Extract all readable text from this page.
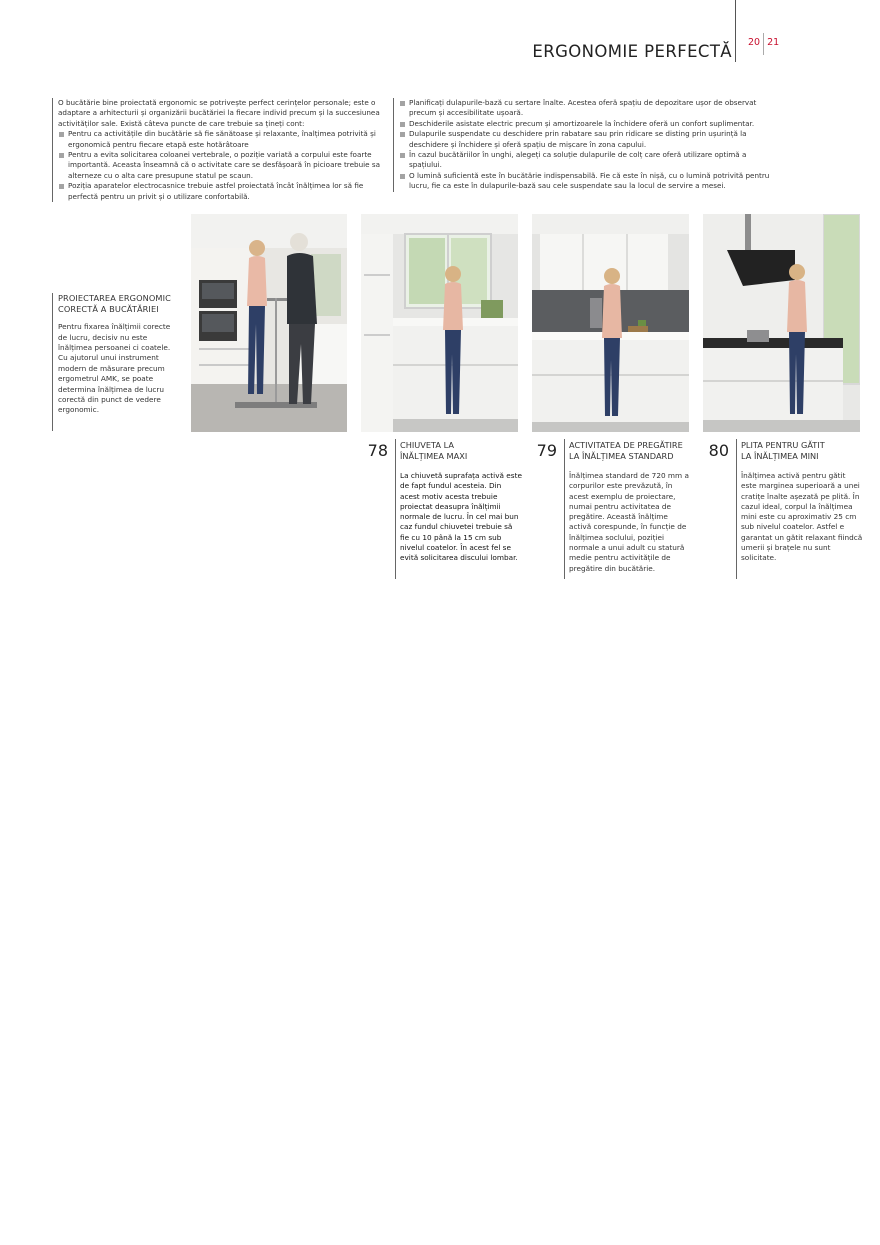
ERGONOMIE PERFECTĂ 20 21

O bucătărie bine proiectată ergonomic se potrivește perfect cerințelor personale; este o adaptare a arhitecturii și organizării bucătăriei la fiecare individ precum și la succesiunea activităților sale. Există câteva puncte de care trebuie sa țineți cont:

Pentru ca activitățile din bucătărie să fie sănătoase și relaxante, înalțimea potrivită și ergonomică pentru fiecare etapă este hotărâtoare
Pentru a evita solicitarea coloanei vertebrale, o poziție variată a corpului este foarte importantă. Aceasta înseamnă că o activitate care se desfășoară în picioare trebuie sa alterneze cu o alta care presupune statul pe scaun.
Poziția aparatelor electrocasnice trebuie astfel proiectată încât înălțimea lor să fie perfectă pentru un privit și o utilizare confortabilă.
Planificați dulapurile-bază cu sertare înalte. Acestea oferă spațiu de depozitare ușor de observat precum și accesibilitate ușoară.
Deschiderile asistate electric precum și amortizoarele la închidere oferă un confort suplimentar.
Dulapurile suspendate cu deschidere prin rabatare sau prin ridicare se disting prin ușurință la deschidere și închidere și oferă spațiu de mișcare în zona capului.
În cazul bucătăriilor în unghi, alegeți ca soluție dulapurile de colț care oferă utilizare optimă a spațiului.
O lumină suficientă este în bucătărie indispensabilă. Fie că este în nișă, cu o lumină potrivită pentru lucru, fie ca este în dulapurile-bază sau cele suspendate sau la locul de servire a mesei.
PROIECTAREA ERGONOMIC
CORECTĂ A BUCĂTĂRIEI
Pentru fixarea înălțimii corecte de lucru, decisiv nu este înălțimea persoanei ci coatele. Cu ajutorul unui instrument modern de măsurare precum ergometrul AMK, se poate determina înălțimea de lucru corectă din punct de vedere ergonomic.
78 CHIUVETA LA
ÎNĂLȚIMEA MAXI
La chiuvetă suprafața activă este de fapt fundul acesteia. Din acest motiv acesta trebuie proiectat deasupra înălțimii normale de lucru. În cel mai bun caz fundul chiuvetei trebuie să fie cu 10 până la 15 cm sub nivelul coatelor. În acest fel se evită solicitarea discului lombar.
79 ACTIVITATEA DE PREGĂTIRE
LA ÎNĂLȚIMEA STANDARD
Înălțimea standard de 720 mm a corpurilor este prevăzută, în acest exemplu de proiectare, numai pentru activitatea de pregătire. Această înălțime activă corespunde, în funcție de înălțimea soclului, poziției normale a unui adult cu statură medie pentru activitățile de pregătire din bucătărie.
80 PLITA PENTRU GĂTIT
LA ÎNĂLȚIMEA MINI
Înălțimea activă pentru gătit este marginea superioară a unei cratițe înalte așezată pe plită. În cazul ideal, corpul la înălțimea mini este cu aproximativ 25 cm sub nivelul coatelor. Astfel e garantat un gătit relaxant fiindcă umerii și brațele nu sunt solicitate.
